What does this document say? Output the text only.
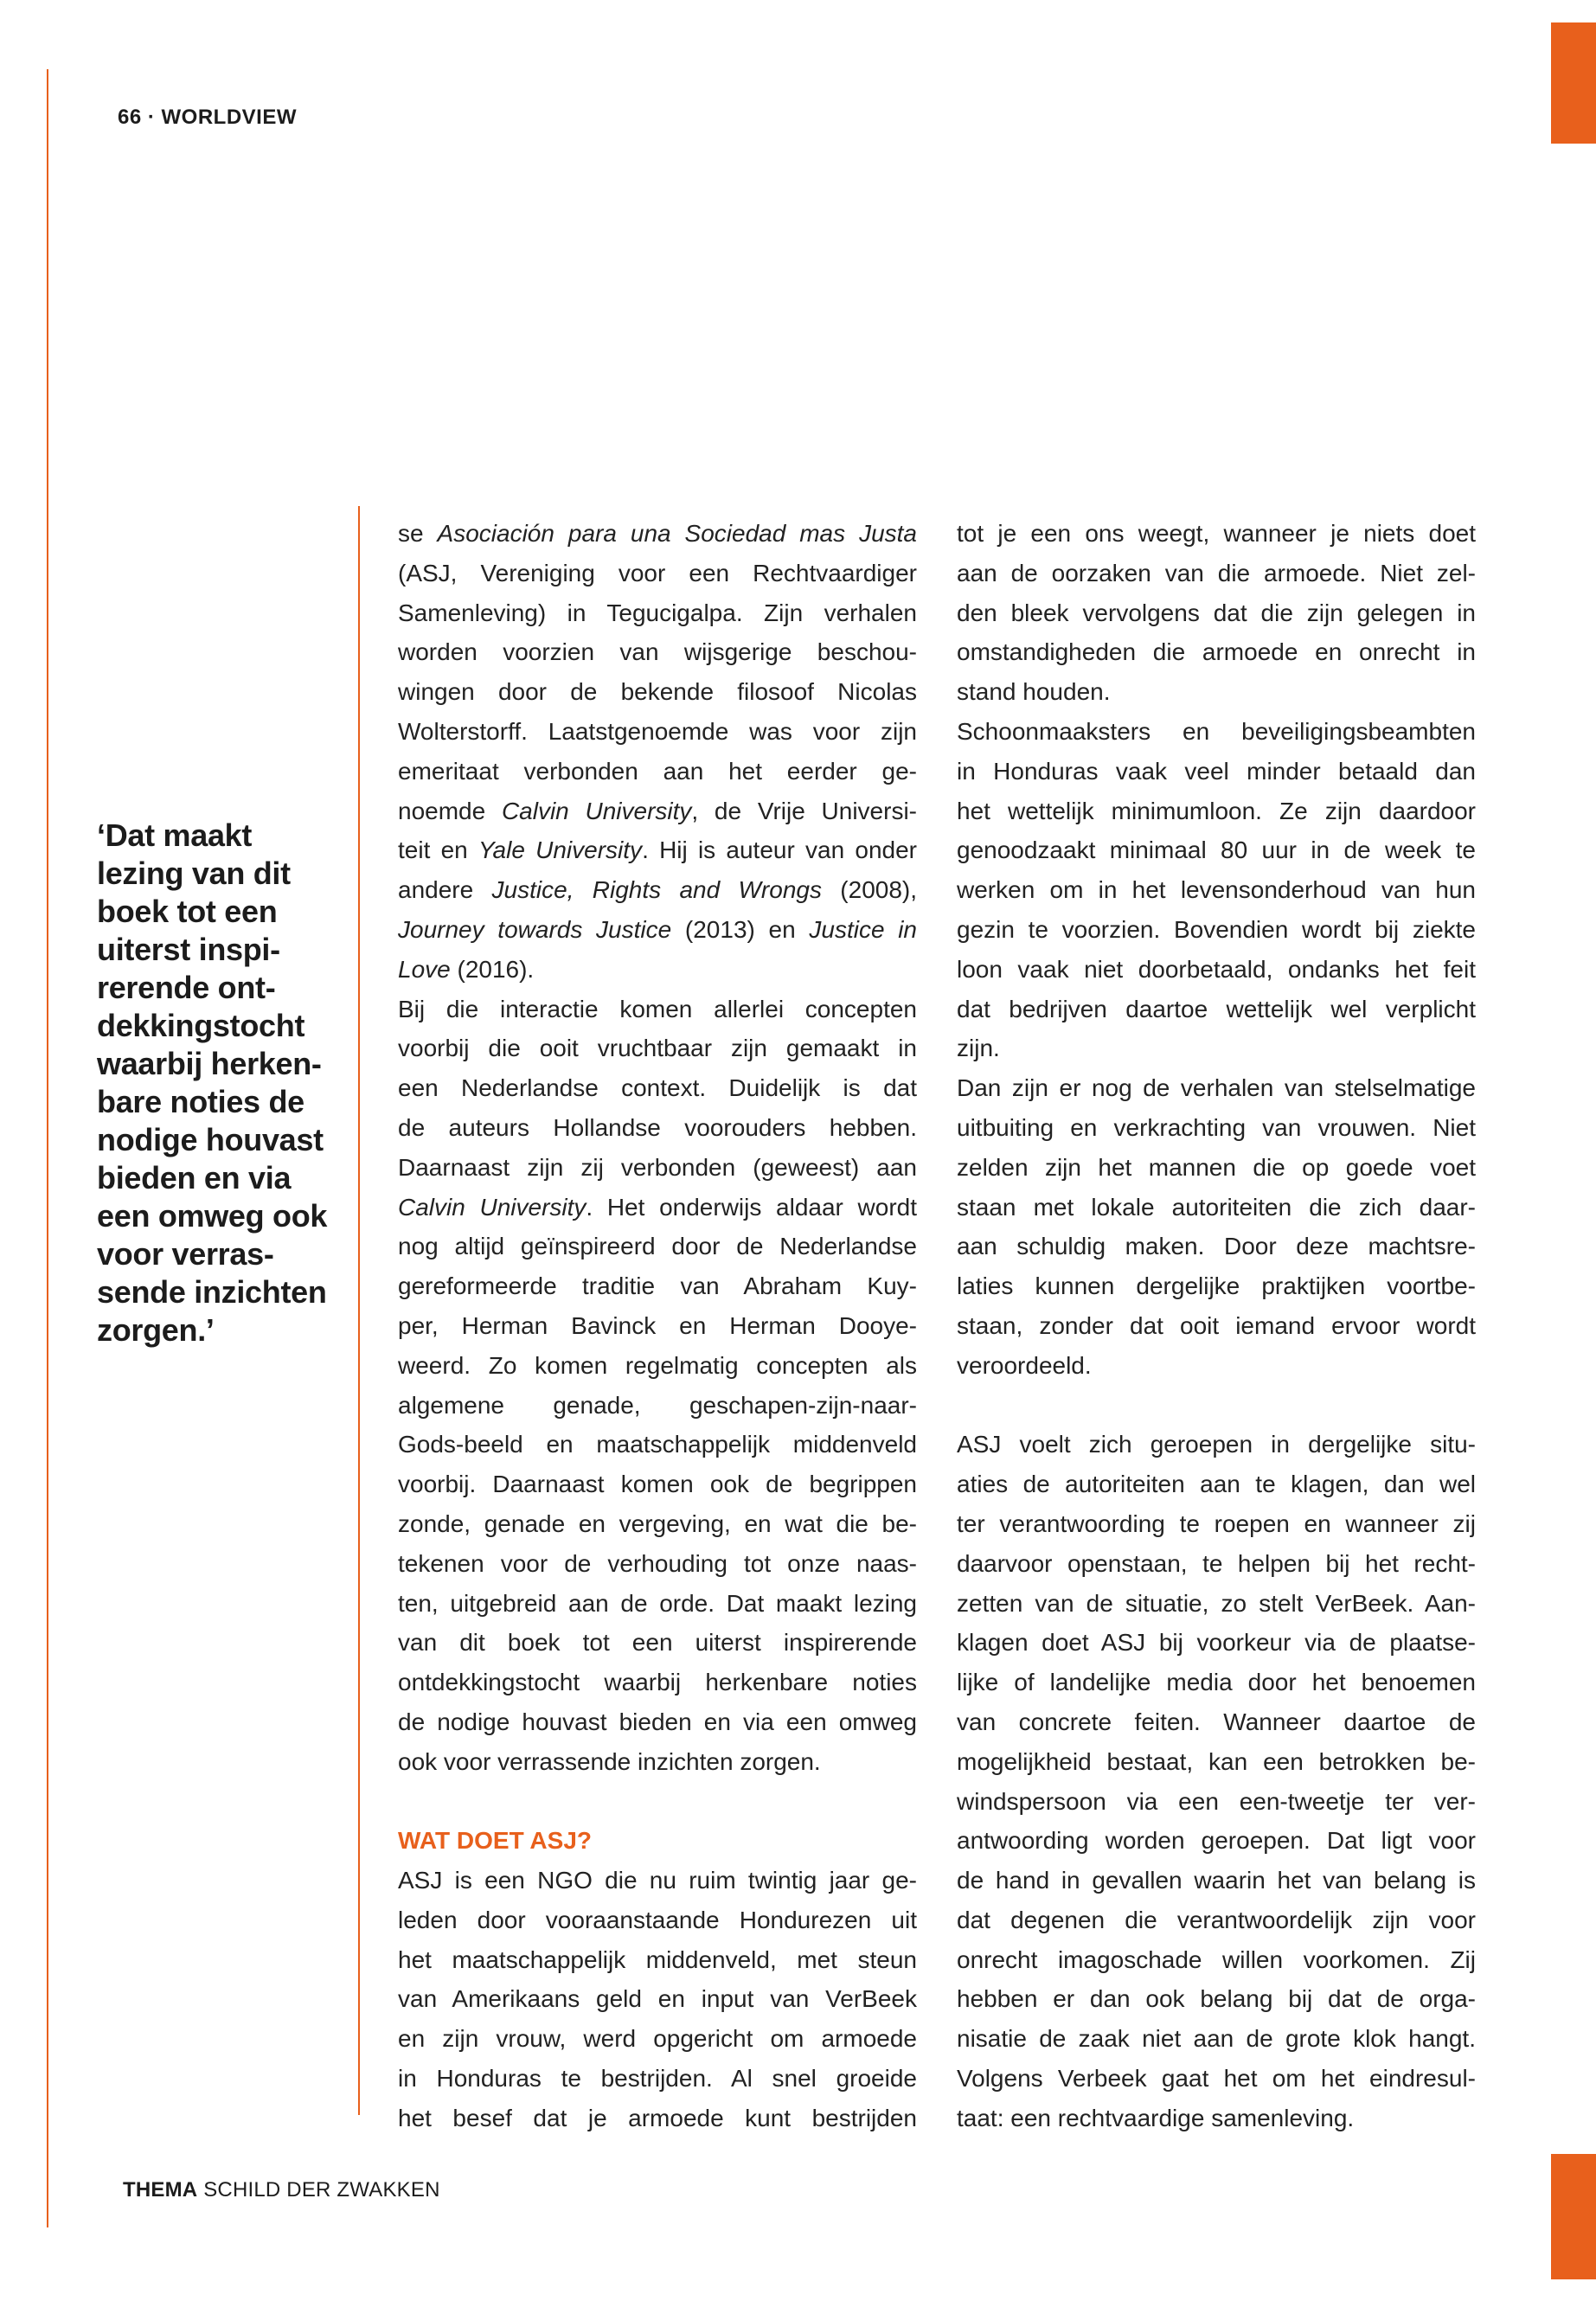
66 · WORLDVIEW
‘Dat maakt
lezing van dit
boek tot een
uiterst inspi-
rerende ont-
dekkingstocht
waarbij herken-
bare noties de
nodige houvast
bieden en via
een omweg ook
voor verras-
sende inzichten
zorgen.’
se Asociación para una Sociedad mas Justa
(ASJ, Vereniging voor een Rechtvaardiger
Samenleving) in Tegucigalpa. Zijn verhalen
worden voorzien van wijsgerige beschou-
wingen door de bekende filosoof Nicolas
Wolterstorff. Laatstgenoemde was voor zijn
emeritaat verbonden aan het eerder ge-
noemde Calvin University, de Vrije Universi-
teit en Yale University. Hij is auteur van onder
andere Justice, Rights and Wrongs (2008),
Journey towards Justice (2013) en Justice in
Love (2016).
Bij die interactie komen allerlei concepten
voorbij die ooit vruchtbaar zijn gemaakt in
een Nederlandse context. Duidelijk is dat
de auteurs Hollandse voorouders hebben.
Daarnaast zijn zij verbonden (geweest) aan
Calvin University. Het onderwijs aldaar wordt
nog altijd geïnspireerd door de Nederlandse
gereformeerde traditie van Abraham Kuy-
per, Herman Bavinck en Herman Dooye-
weerd. Zo komen regelmatig concepten als
algemene genade, geschapen-zijn-naar-
Gods-beeld en maatschappelijk middenveld
voorbij. Daarnaast komen ook de begrippen
zonde, genade en vergeving, en wat die be-
tekenen voor de verhouding tot onze naas-
ten, uitgebreid aan de orde. Dat maakt lezing
van dit boek tot een uiterst inspirerende
ontdekkingstocht waarbij herkenbare noties
de nodige houvast bieden en via een omweg
ook voor verrassende inzichten zorgen.
WAT DOET ASJ?
ASJ is een NGO die nu ruim twintig jaar ge-
leden door vooraanstaande Hondurezen uit
het maatschappelijk middenveld, met steun
van Amerikaans geld en input van VerBeek
en zijn vrouw, werd opgericht om armoede
in Honduras te bestrijden. Al snel groeide
het besef dat je armoede kunt bestrijden
tot je een ons weegt, wanneer je niets doet
aan de oorzaken van die armoede. Niet zel-
den bleek vervolgens dat die zijn gelegen in
omstandigheden die armoede en onrecht in
stand houden.
Schoonmaaksters en beveiligingsbeambten
in Honduras vaak veel minder betaald dan
het wettelijk minimumloon. Ze zijn daardoor
genoodzaakt minimaal 80 uur in de week te
werken om in het levensonderhoud van hun
gezin te voorzien. Bovendien wordt bij ziekte
loon vaak niet doorbetaald, ondanks het feit
dat bedrijven daartoe wettelijk wel verplicht
zijn.
Dan zijn er nog de verhalen van stelselmatige
uitbuiting en verkrachting van vrouwen. Niet
zelden zijn het mannen die op goede voet
staan met lokale autoriteiten die zich daar-
aan schuldig maken. Door deze machtsre-
laties kunnen dergelijke praktijken voortbe-
staan, zonder dat ooit iemand ervoor wordt
veroordeeld.
ASJ voelt zich geroepen in dergelijke situ-
aties de autoriteiten aan te klagen, dan wel
ter verantwoording te roepen en wanneer zij
daarvoor openstaan, te helpen bij het recht-
zetten van de situatie, zo stelt VerBeek. Aan-
klagen doet ASJ bij voorkeur via de plaatse-
lijke of landelijke media door het benoemen
van concrete feiten. Wanneer daartoe de
mogelijkheid bestaat, kan een betrokken be-
windspersoon via een een-tweetje ter ver-
antwoording worden geroepen. Dat ligt voor
de hand in gevallen waarin het van belang is
dat degenen die verantwoordelijk zijn voor
onrecht imagoschade willen voorkomen. Zij
hebben er dan ook belang bij dat de orga-
nisatie de zaak niet aan de grote klok hangt.
Volgens Verbeek gaat het om het eindresul-
taat: een rechtvaardige samenleving.
THEMA SCHILD DER ZWAKKEN
